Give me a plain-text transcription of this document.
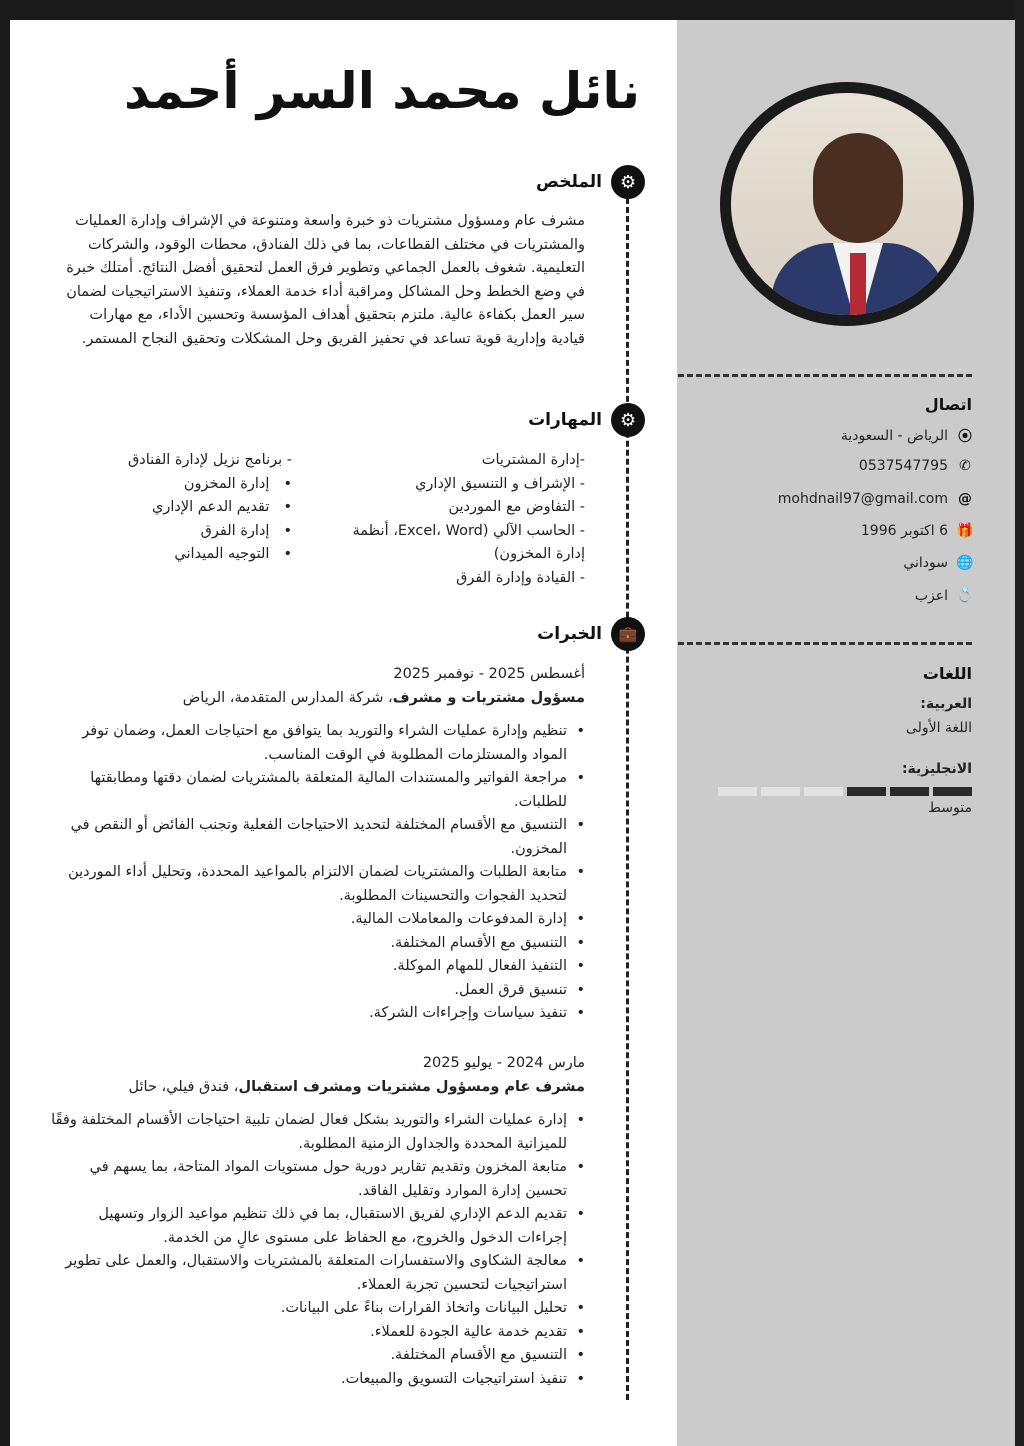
نائل محمد السر أحمد
⚙
الملخص

مشرف عام ومسؤول مشتريات ذو خبرة واسعة ومتنوعة في الإشراف وإدارة العمليات والمشتريات في مختلف القطاعات، بما في ذلك الفنادق، محطات الوقود، والشركات التعليمية. شغوف بالعمل الجماعي وتطوير فرق العمل لتحقيق أفضل النتائج. أمتلك خبرة في وضع الخطط وحل المشاكل ومراقبة أداء خدمة العملاء، وتنفيذ الاستراتيجيات لضمان سير العمل بكفاءة عالية. ملتزم بتحقيق أهداف المؤسسة وتحسين الأداء، مع مهارات قيادية وإدارية قوية تساعد في تحفيز الفريق وحل المشكلات وتحقيق النجاح المستمر.

⚙
المهارات
-إدارة المشتريات
- الإشراف و التنسيق الإداري
- التفاوض مع الموردين
- الحاسب الآلي (Excel، Word، أنظمة إدارة المخزون)
- القيادة وإدارة الفرق
- برنامج نزيل لإدارة الفنادق
• إدارة المخزون
• تقديم الدعم الإداري
• إدارة الفرق
• التوجيه الميداني
💼
الخبرات
أغسطس 2025 - نوفمبر 2025
مسؤول مشتريات و مشرف، شركة المدارس المتقدمة، الرياض
• تنظيم وإدارة عمليات الشراء والتوريد بما يتوافق مع احتياجات العمل، وضمان توفر المواد والمستلزمات المطلوبة في الوقت المناسب.
• مراجعة الفواتير والمستندات المالية المتعلقة بالمشتريات لضمان دقتها ومطابقتها للطلبات.
• التنسيق مع الأقسام المختلفة لتحديد الاحتياجات الفعلية وتجنب الفائض أو النقص في المخزون.
• متابعة الطلبات والمشتريات لضمان الالتزام بالمواعيد المحددة، وتحليل أداء الموردين لتحديد الفجوات والتحسينات المطلوبة.
• إدارة المدفوعات والمعاملات المالية.
• التنسيق مع الأقسام المختلفة.
• التنفيذ الفعال للمهام الموكلة.
• تنسيق فرق العمل.
• تنفيذ سياسات وإجراءات الشركة.
مارس 2024 - يوليو 2025
مشرف عام ومسؤول مشتريات ومشرف استقبال، فندق فيلي، حائل
• إدارة عمليات الشراء والتوريد بشكل فعال لضمان تلبية احتياجات الأقسام المختلفة وفقًا للميزانية المحددة والجداول الزمنية المطلوبة.
• متابعة المخزون وتقديم تقارير دورية حول مستويات المواد المتاحة، بما يسهم في تحسين إدارة الموارد وتقليل الفاقد.
• تقديم الدعم الإداري لفريق الاستقبال، بما في ذلك تنظيم مواعيد الزوار وتسهيل إجراءات الدخول والخروج، مع الحفاظ على مستوى عالٍ من الخدمة.
• معالجة الشكاوى والاستفسارات المتعلقة بالمشتريات والاستقبال، والعمل على تطوير استراتيجيات لتحسين تجربة العملاء.
• تحليل البيانات واتخاذ القرارات بناءً على البيانات.
• تقديم خدمة عالية الجودة للعملاء.
• التنسيق مع الأقسام المختلفة.
• تنفيذ استراتيجيات التسويق والمبيعات.
اتصال
⦿
الرياض - السعودية
✆
0537547795
@
mohdnail97@gmail.com
🎁
6 اكتوبر 1996
🌐
سوداني
💍
اعزب
اللغات
العربية:
اللغة الأولى
الانجليزية:
متوسط
